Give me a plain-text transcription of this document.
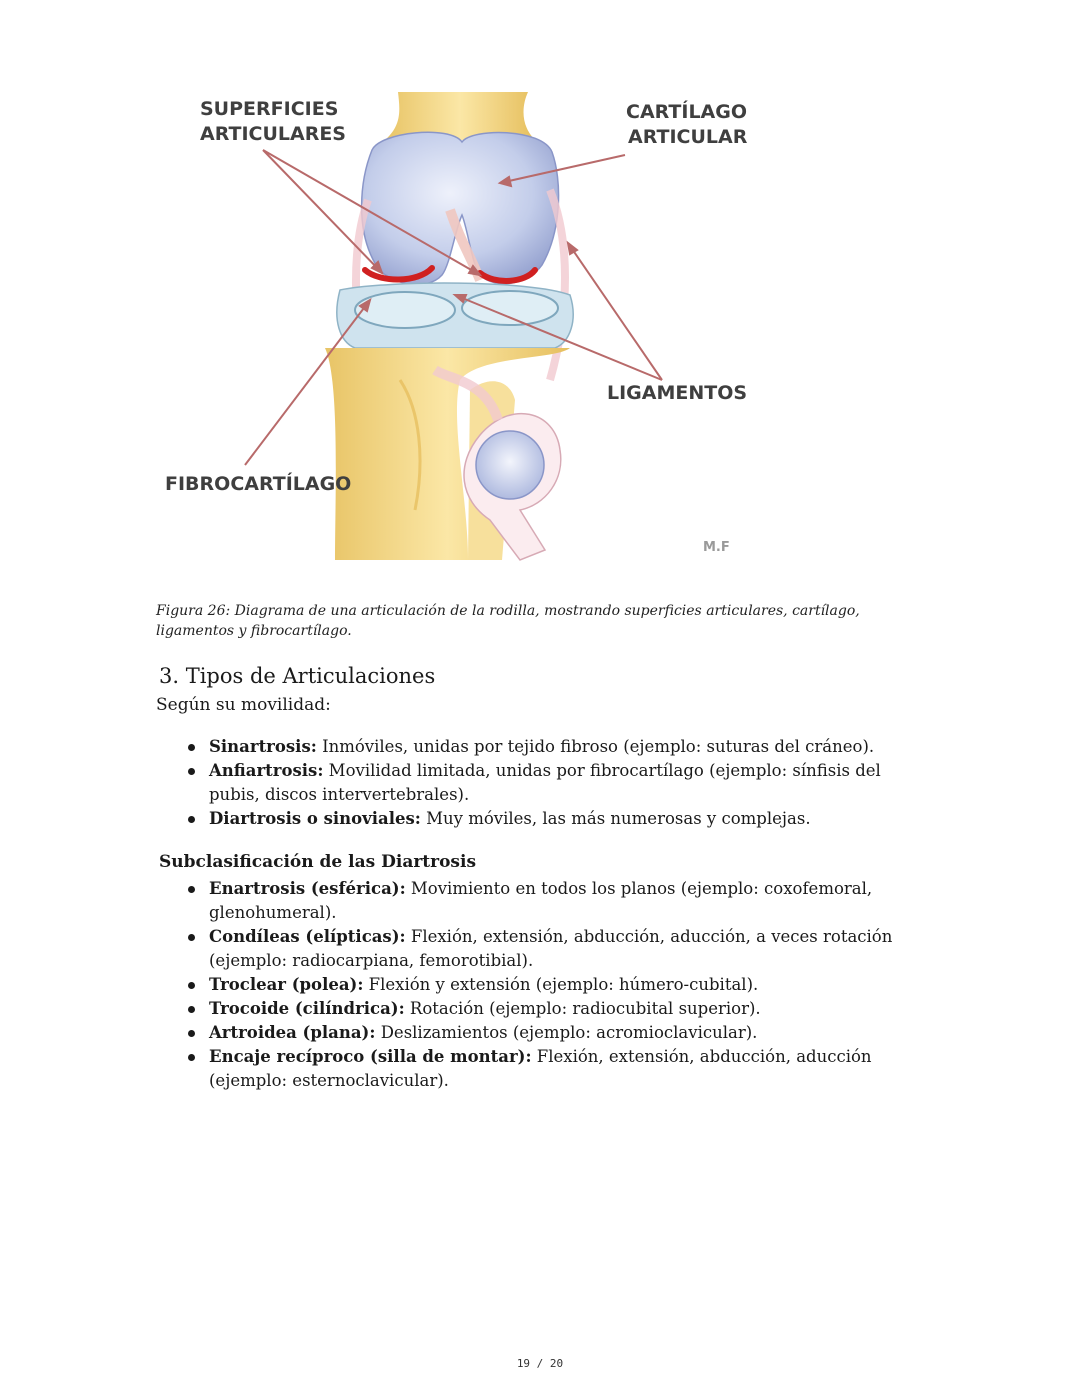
SUPERFICIES
ARTICULARES
CARTÍLAGO
ARTICULAR
LIGAMENTOS
FIBROCARTÍLAGO
M.F
Figura 26: Diagrama de una articulación de la rodilla, mostrando superficies articulares, cartílago, ligamentos y fibrocartílago.
3. Tipos de Articulaciones
Según su movilidad:
Sinartrosis: Inmóviles, unidas por tejido fibroso (ejemplo: suturas del cráneo).
Anfiartrosis: Movilidad limitada, unidas por fibrocartílago (ejemplo: sínfisis del pubis, discos intervertebrales).
Diartrosis o sinoviales: Muy móviles, las más numerosas y complejas.
Subclasificación de las Diartrosis
Enartrosis (esférica): Movimiento en todos los planos (ejemplo: coxofemoral, glenohumeral).
Condíleas (elípticas): Flexión, extensión, abducción, aducción, a veces rotación (ejemplo: radiocarpiana, femorotibial).
Troclear (polea): Flexión y extensión (ejemplo: húmero-cubital).
Trocoide (cilíndrica): Rotación (ejemplo: radiocubital superior).
Artroidea (plana): Deslizamientos (ejemplo: acromioclavicular).
Encaje recíproco (silla de montar): Flexión, extensión, abducción, aducción (ejemplo: esternoclavicular).
19 / 20
